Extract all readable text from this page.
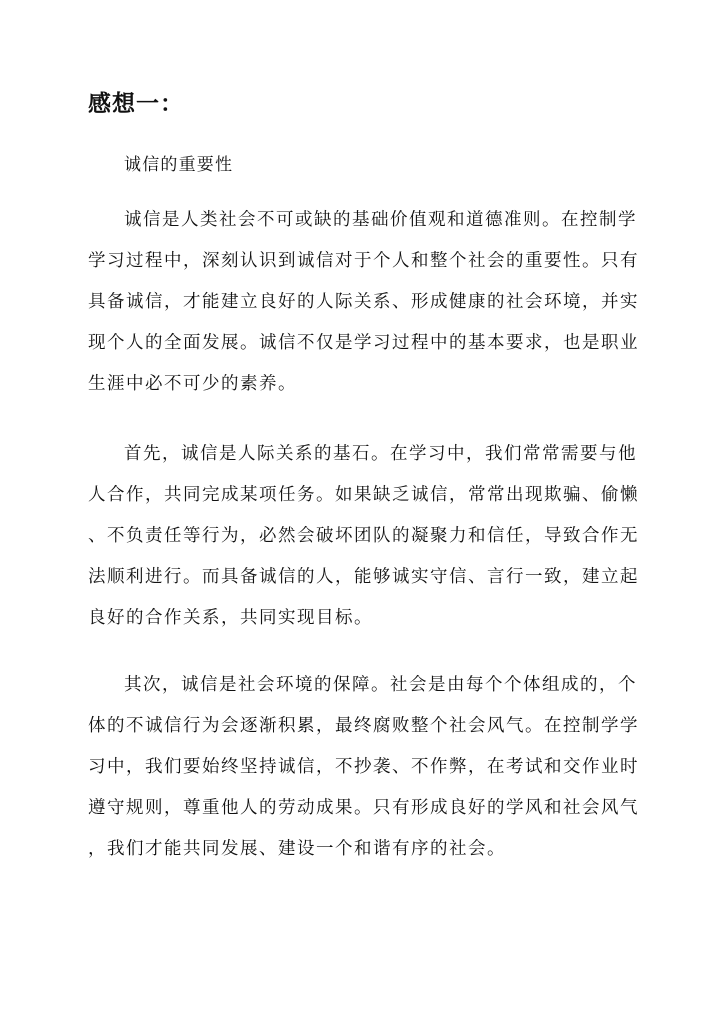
感想一：

诚信的重要性

诚信是人类社会不可或缺的基础价值观和道德准则。在控制学
学习过程中，深刻认识到诚信对于个人和整个社会的重要性。只有
具备诚信，才能建立良好的人际关系、形成健康的社会环境，并实
现个人的全面发展。诚信不仅是学习过程中的基本要求，也是职业
生涯中必不可少的素养。
首先，诚信是人际关系的基石。在学习中，我们常常需要与他
人合作，共同完成某项任务。如果缺乏诚信，常常出现欺骗、偷懒
、不负责任等行为，必然会破坏团队的凝聚力和信任，导致合作无
法顺利进行。而具备诚信的人，能够诚实守信、言行一致，建立起
良好的合作关系，共同实现目标。
其次，诚信是社会环境的保障。社会是由每个个体组成的，个
体的不诚信行为会逐渐积累，最终腐败整个社会风气。在控制学学
习中，我们要始终坚持诚信，不抄袭、不作弊，在考试和交作业时
遵守规则，尊重他人的劳动成果。只有形成良好的学风和社会风气
，我们才能共同发展、建设一个和谐有序的社会。
